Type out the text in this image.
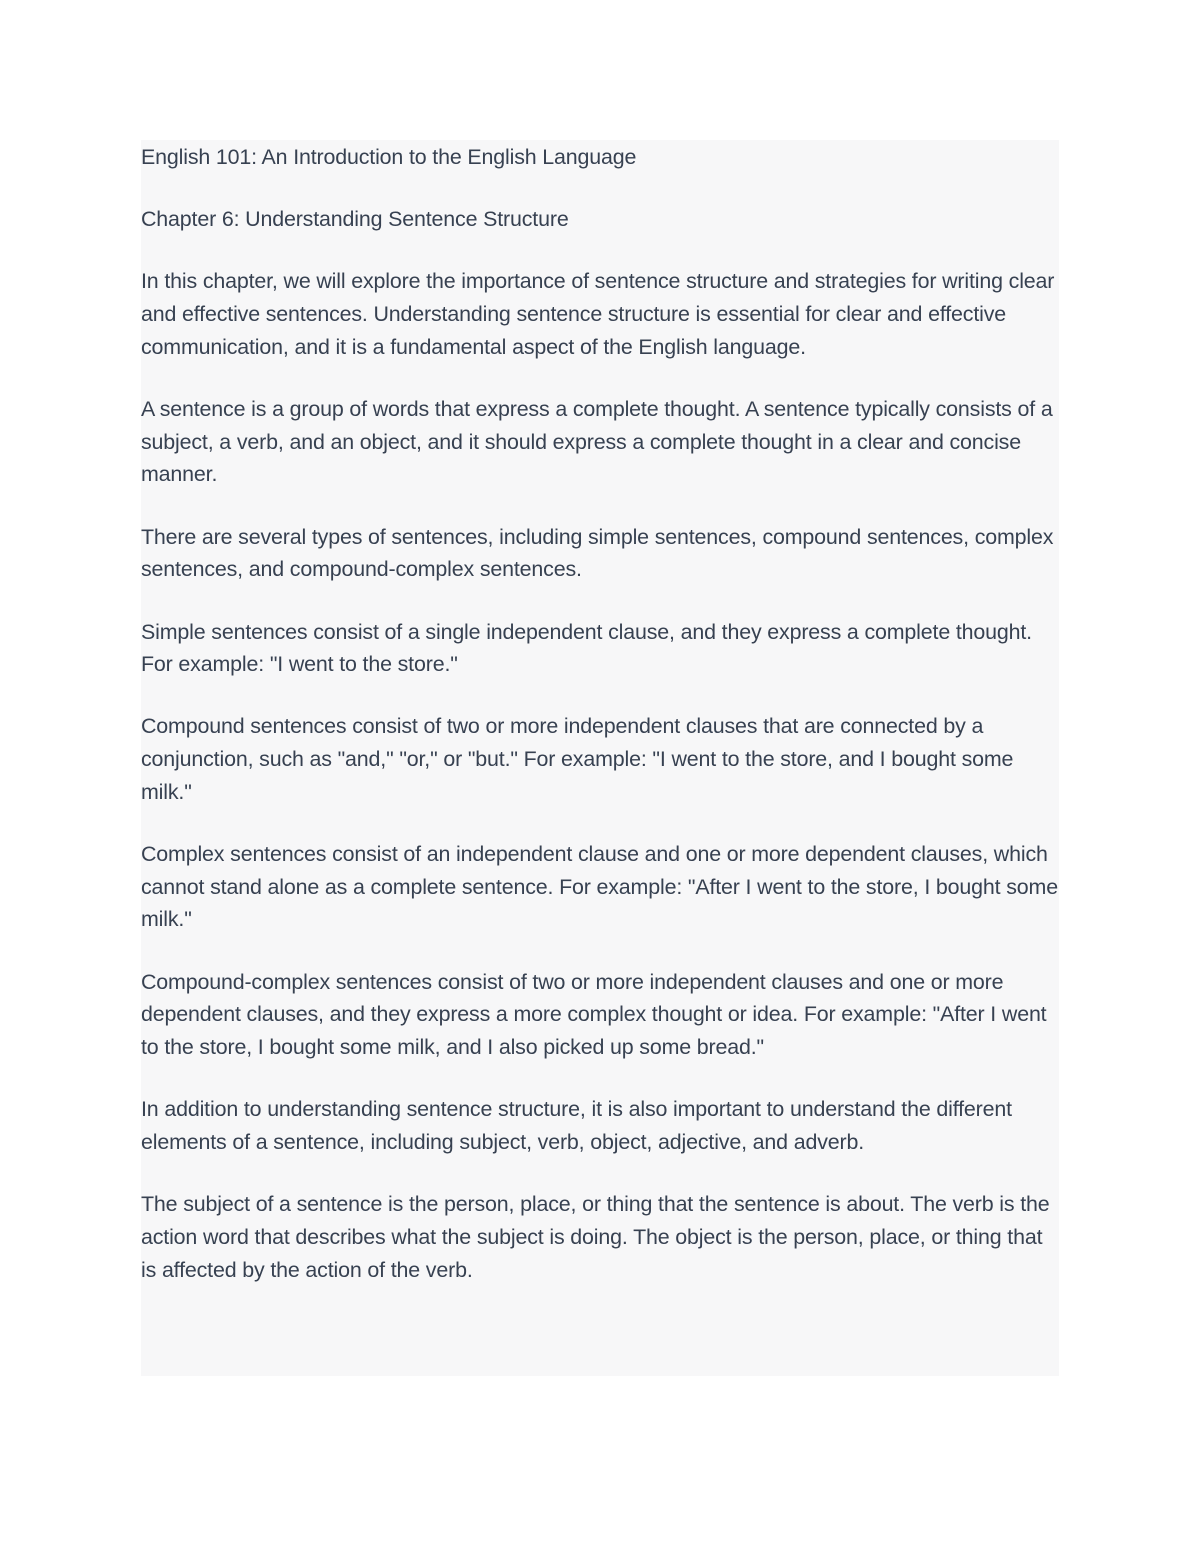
English 101: An Introduction to the English Language

Chapter 6: Understanding Sentence Structure

In this chapter, we will explore the importance of sentence structure and strategies for writing clear and effective sentences. Understanding sentence structure is essential for clear and effective communication, and it is a fundamental aspect of the English language.

A sentence is a group of words that express a complete thought. A sentence typically consists of a subject, a verb, and an object, and it should express a complete thought in a clear and concise manner.

There are several types of sentences, including simple sentences, compound sentences, complex sentences, and compound-complex sentences.

Simple sentences consist of a single independent clause, and they express a complete thought. For example: "I went to the store."

Compound sentences consist of two or more independent clauses that are connected by a conjunction, such as "and," "or," or "but." For example: "I went to the store, and I bought some milk."

Complex sentences consist of an independent clause and one or more dependent clauses, which cannot stand alone as a complete sentence. For example: "After I went to the store, I bought some milk."

Compound-complex sentences consist of two or more independent clauses and one or more dependent clauses, and they express a more complex thought or idea. For example: "After I went to the store, I bought some milk, and I also picked up some bread."

In addition to understanding sentence structure, it is also important to understand the different elements of a sentence, including subject, verb, object, adjective, and adverb.

The subject of a sentence is the person, place, or thing that the sentence is about. The verb is the action word that describes what the subject is doing. The object is the person, place, or thing that is affected by the action of the verb.
